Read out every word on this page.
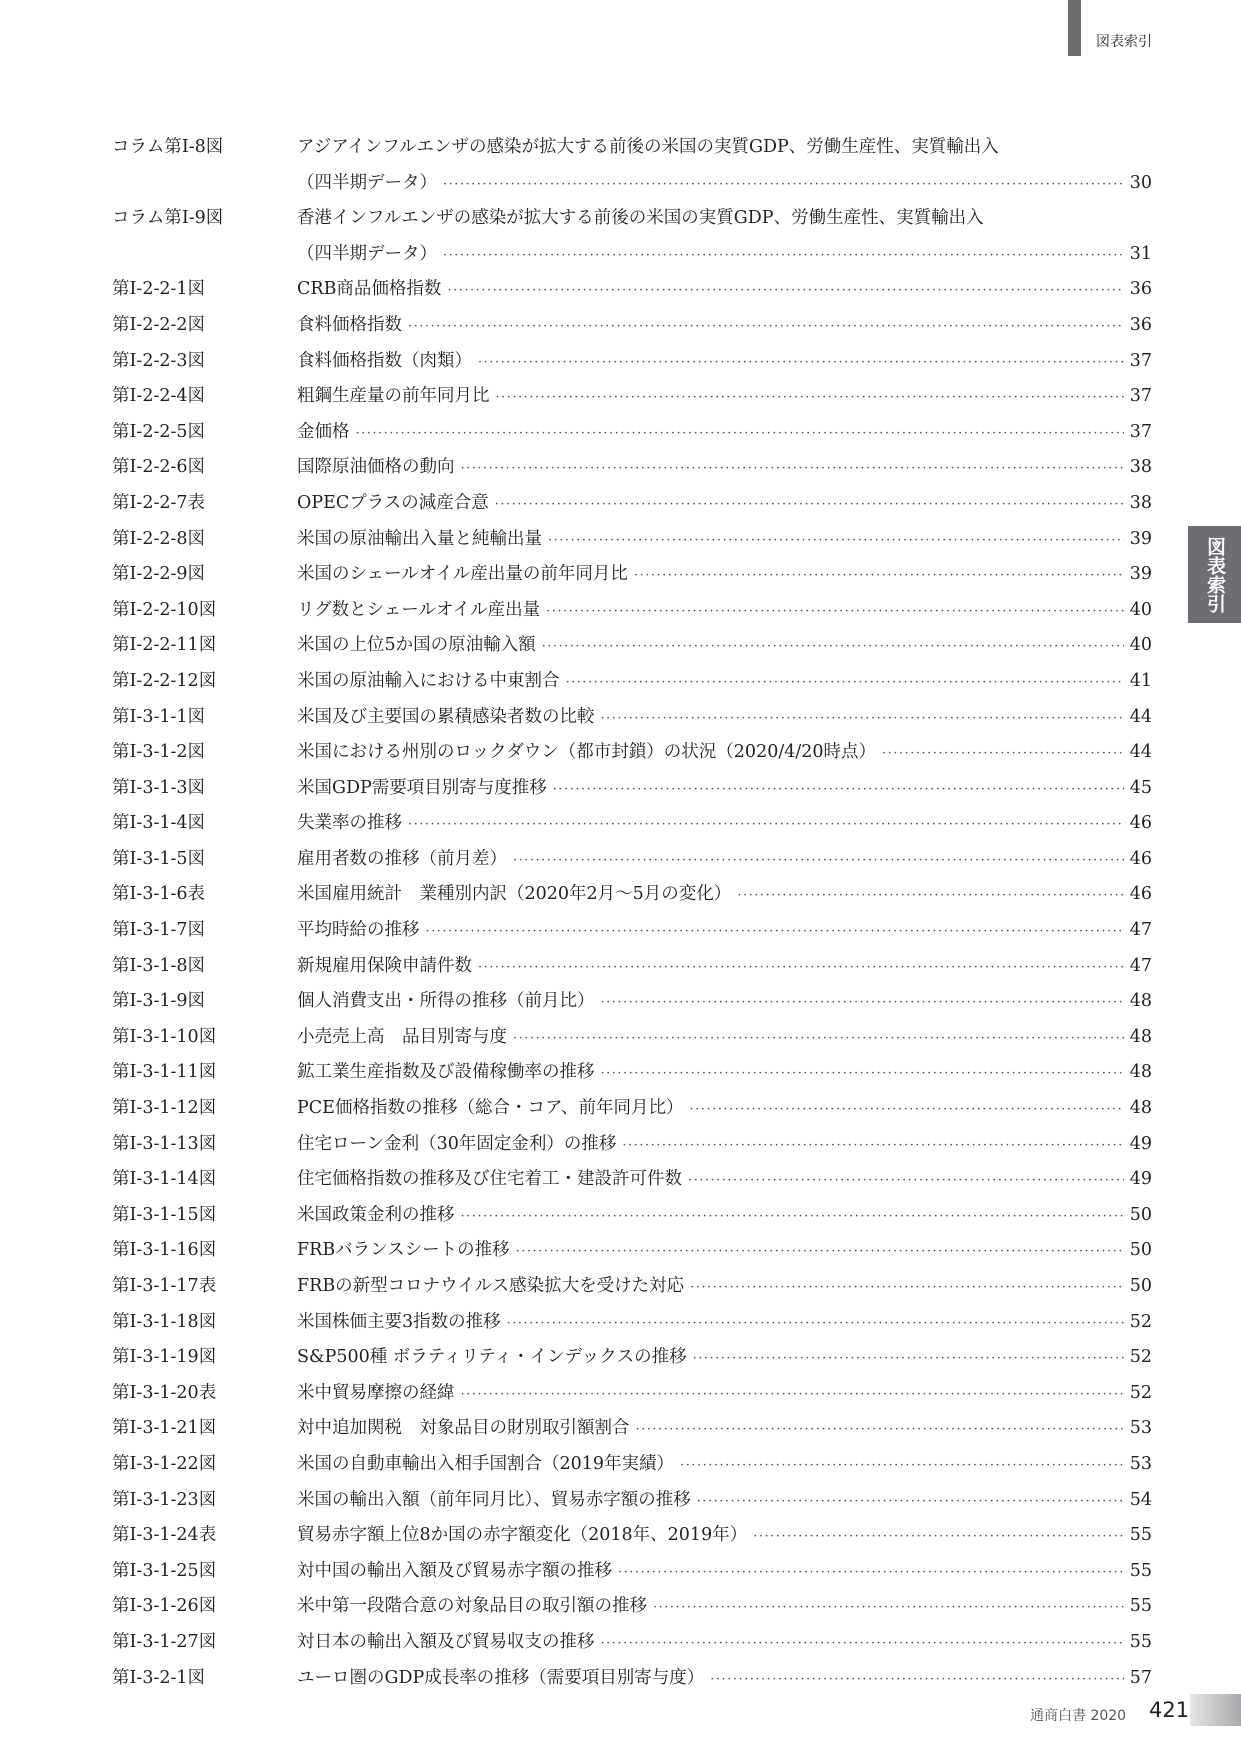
図表索引
図表索引
コラム第Ⅰ-8図	アジアインフルエンザの感染が拡大する前後の米国の実質GDP、労働生産性、実質輸出入
（四半期データ） ·····	30
コラム第Ⅰ-9図	香港インフルエンザの感染が拡大する前後の米国の実質GDP、労働生産性、実質輸出入
（四半期データ） ·····	31
第Ⅰ-2-2-1図	CRB商品価格指数 ·····	36
第Ⅰ-2-2-2図	食料価格指数 ·····	36
第Ⅰ-2-2-3図	食料価格指数（肉類） ·····	37
第Ⅰ-2-2-4図	粗鋼生産量の前年同月比 ·····	37
第Ⅰ-2-2-5図	金価格 ·····	37
第Ⅰ-2-2-6図	国際原油価格の動向 ·····	38
第Ⅰ-2-2-7表	OPECプラスの減産合意 ·····	38
第Ⅰ-2-2-8図	米国の原油輸出入量と純輸出量 ·····	39
第Ⅰ-2-2-9図	米国のシェールオイル産出量の前年同月比 ·····	39
第Ⅰ-2-2-10図	リグ数とシェールオイル産出量 ·····	40
第Ⅰ-2-2-11図	米国の上位5か国の原油輸入額 ·····	40
第Ⅰ-2-2-12図	米国の原油輸入における中東割合 ·····	41
第Ⅰ-3-1-1図	米国及び主要国の累積感染者数の比較 ·····	44
第Ⅰ-3-1-2図	米国における州別のロックダウン（都市封鎖）の状況（2020/4/20時点） ·····	44
第Ⅰ-3-1-3図	米国GDP需要項目別寄与度推移 ·····	45
第Ⅰ-3-1-4図	失業率の推移 ·····	46
第Ⅰ-3-1-5図	雇用者数の推移（前月差） ·····	46
第Ⅰ-3-1-6表	米国雇用統計　業種別内訳（2020年2月〜5月の変化） ·····	46
第Ⅰ-3-1-7図	平均時給の推移 ·····	47
第Ⅰ-3-1-8図	新規雇用保険申請件数 ·····	47
第Ⅰ-3-1-9図	個人消費支出・所得の推移（前月比） ·····	48
第Ⅰ-3-1-10図	小売売上高　品目別寄与度 ·····	48
第Ⅰ-3-1-11図	鉱工業生産指数及び設備稼働率の推移 ·····	48
第Ⅰ-3-1-12図	PCE価格指数の推移（総合・コア、前年同月比） ·····	48
第Ⅰ-3-1-13図	住宅ローン金利（30年固定金利）の推移 ·····	49
第Ⅰ-3-1-14図	住宅価格指数の推移及び住宅着工・建設許可件数 ·····	49
第Ⅰ-3-1-15図	米国政策金利の推移 ·····	50
第Ⅰ-3-1-16図	FRBバランスシートの推移 ·····	50
第Ⅰ-3-1-17表	FRBの新型コロナウイルス感染拡大を受けた対応 ·····	50
第Ⅰ-3-1-18図	米国株価主要3指数の推移 ·····	52
第Ⅰ-3-1-19図	S&P500種 ボラティリティ・インデックスの推移 ·····	52
第Ⅰ-3-1-20表	米中貿易摩擦の経緯 ·····	52
第Ⅰ-3-1-21図	対中追加関税　対象品目の財別取引額割合 ·····	53
第Ⅰ-3-1-22図	米国の自動車輸出入相手国割合（2019年実績） ·····	53
第Ⅰ-3-1-23図	米国の輸出入額（前年同月比）、貿易赤字額の推移 ·····	54
第Ⅰ-3-1-24表	貿易赤字額上位8か国の赤字額変化（2018年、2019年） ·····	55
第Ⅰ-3-1-25図	対中国の輸出入額及び貿易赤字額の推移 ·····	55
第Ⅰ-3-1-26図	米中第一段階合意の対象品目の取引額の推移 ·····	55
第Ⅰ-3-1-27図	対日本の輸出入額及び貿易収支の推移 ·····	55
第Ⅰ-3-2-1図	ユーロ圏のGDP成長率の推移（需要項目別寄与度） ·····	57
通商白書 2020 421
